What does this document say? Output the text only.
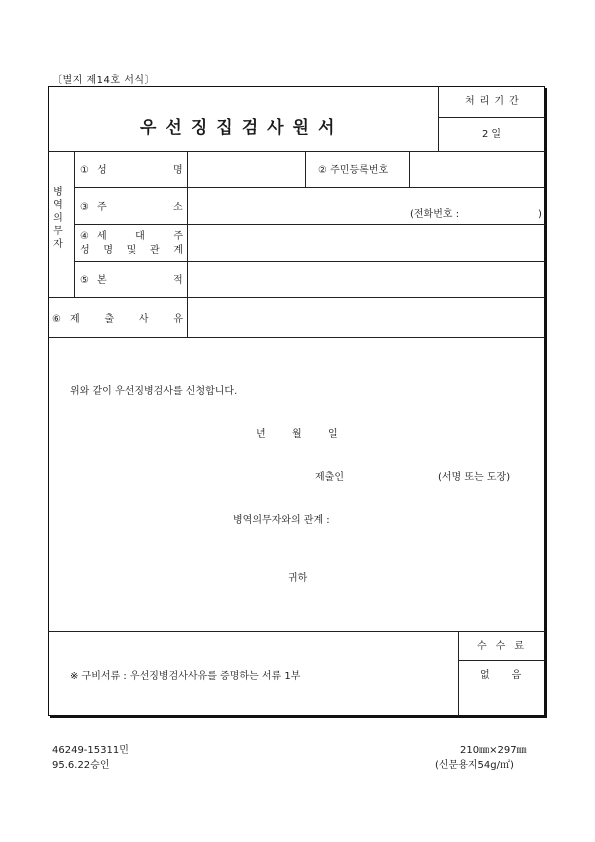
〔별지 제14호 서식〕
우선징집검사원서
처리기간
2일
병
역
의
무
자
① 성	명	② 주민등록번호
③ 주	소
(전화번호 :	)
④ 세	대	주
성 명 및 관 계
⑤ 본	적
⑥ 제 출 사 유
위와 같이 우선징병검사를 신청합니다.
년	월	일
제출인	(서명 또는 도장)
병역의무자와의 관계 :
귀하
※ 구비서류 : 우선징병검사사유를 증명하는 서류 1부
수수료
없음
46249-15311민
95.6.22승인
210㎜×297㎜
(신문용지54g/㎡)
